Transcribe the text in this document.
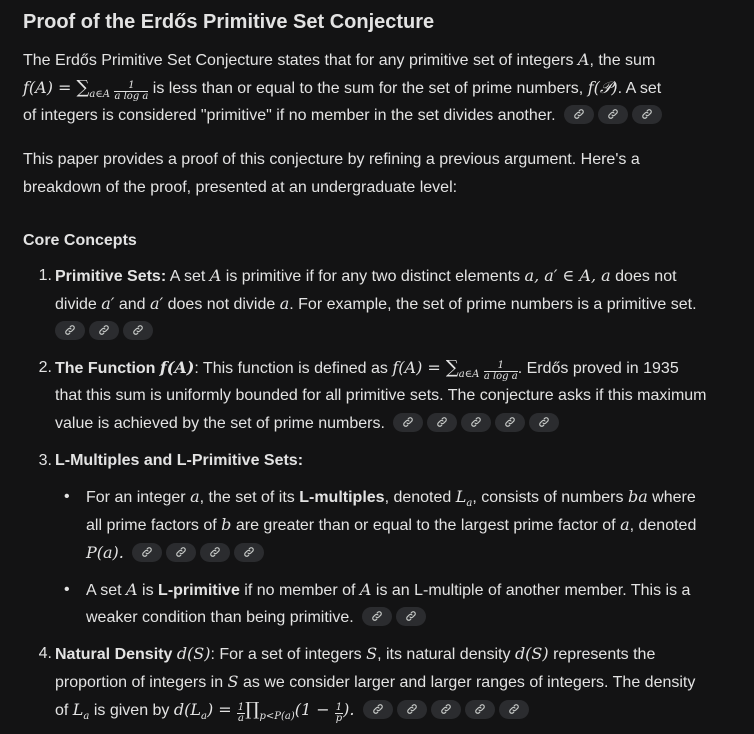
Proof of the Erdős Primitive Set Conjecture
The Erdős Primitive Set Conjecture states that for any primitive set of integers A, the sum
$f(A) = \sum_{a\in A} \frac{1}{\text{a log a}}$ is less than or equal to the sum for the set of prime numbers, f(𝒫). A set
of integers is considered "primitive" if no member in the set divides another.
This paper provides a proof of this conjecture by refining a previous argument. Here's a
breakdown of the proof, presented at an undergraduate level:
Core Concepts
1. Primitive Sets: A set A is primitive if for any two distinct elements a, a′ ∈ A, a does not
divide a′ and a′ does not divide a. For example, the set of prime numbers is a primitive set.
2. The Function f(A): This function is defined as $f(A) = \sum_{a\in A} \frac{1}{\text{a log a}}$ . Erdős proved in 1935
that this sum is uniformly bounded for all primitive sets. The conjecture asks if this maximum
value is achieved by the set of prime numbers.
3. L-Multiples and L-Primitive Sets:
• For an integer a, the set of its L-multiples, denoted $L_a$, consists of numbers ba where
all prime factors of b are greater than or equal to the largest prime factor of a, denoted
P(a).
• A set A is L-primitive if no member of A is an L-multiple of another member. This is a
weaker condition than being primitive.
4. Natural Density d(S): For a set of integers S, its natural density d(S) represents the
proportion of integers in S as we consider larger and larger ranges of integers. The density
of $L_a$ is given by $d(L_a) = \frac{1}{a}$ $\prod_{p<P(a)}(1 - \frac{1}{p}$ ).
